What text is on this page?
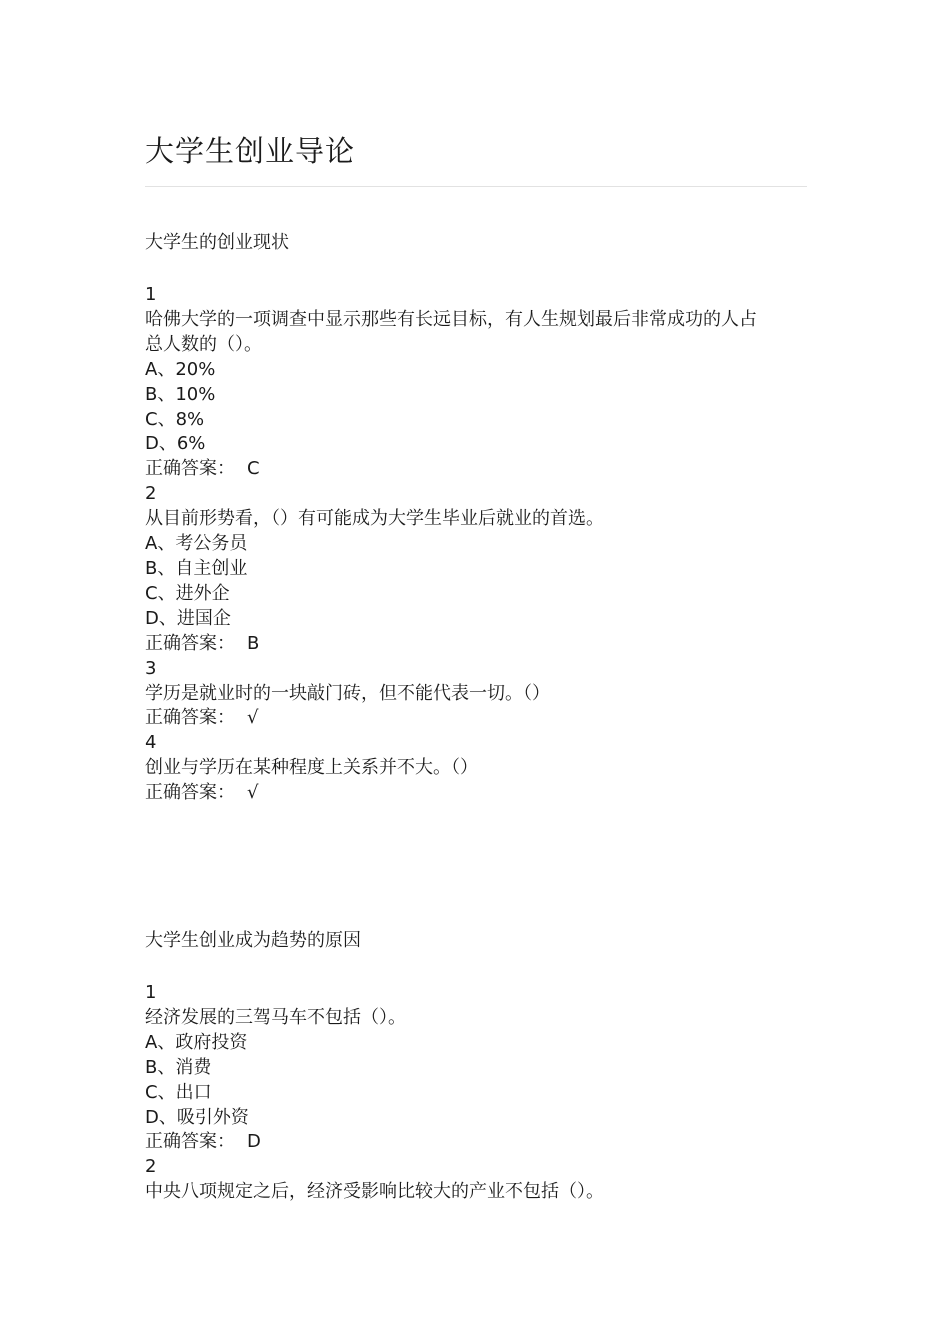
大学生创业导论
大学生的创业现状
1
哈佛大学的一项调查中显示那些有长远目标，有人生规划最后非常成功的人占
总人数的（）。
A、20%
B、10%
C、8%
D、6%
正确答案： C
2
从目前形势看，（）有可能成为大学生毕业后就业的首选。
A、考公务员
B、自主创业
C、进外企
D、进国企
正确答案： B
3
学历是就业时的一块敲门砖，但不能代表一切。（）
正确答案： √
4
创业与学历在某种程度上关系并不大。（）
正确答案： √
大学生创业成为趋势的原因
1
经济发展的三驾马车不包括（）。
A、政府投资
B、消费
C、出口
D、吸引外资
正确答案： D
2
中央八项规定之后，经济受影响比较大的产业不包括（）。
